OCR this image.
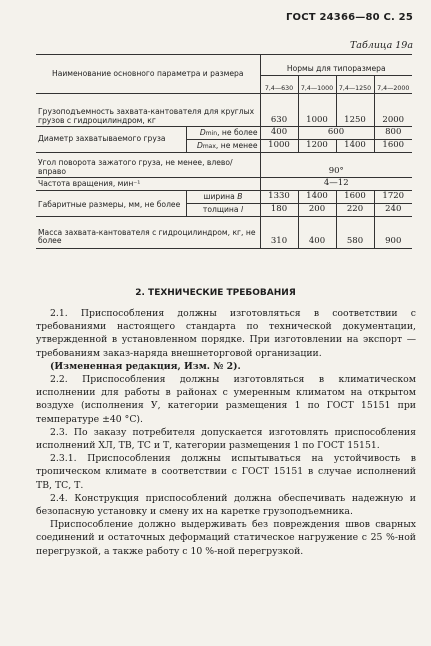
ГОСТ 24366—80 С. 25
Таблица 19а
Наименование основного параметра и размера		Нормы для типоразмера			
		7,4—630	7,4—1000	7,4—1250	7,4—2000
Грузоподъемность захвата-кантователя для круглых грузов с гидроцилиндром, кг		630	1000	1250	2000
Диаметр захватываемого груза	Dmin, не более	400	600		800
	Dmax, не менее	1000	1200	1400	1600
Угол поворота зажатого груза, не менее, влево/вправо		90°			
Частота вращения, мин⁻¹		4—12			
Габаритные размеры, мм, не более	ширина B	1330	1400	1600	1720
	толщина l	180	200	220	240
Масса захвата-кантователя с гидроцилиндром, кг, не более		310	400	580	900
2. ТЕХНИЧЕСКИЕ ТРЕБОВАНИЯ

2.1. Приспособления должны изготовляться в соответствии с требованиями настоящего стандарта по технической документации, утвержденной в установленном порядке. При изготовлении на экспорт — требованиям заказ-наряда внешнеторговой организации.

(Измененная редакция, Изм. № 2).

2.2. Приспособления должны изготовляться в климатическом исполнении для работы в районах с умеренным климатом на открытом воздухе (исполнения У, категории размещения 1 по ГОСТ 15151 при температуре ±40 °С).

2.3. По заказу потребителя допускается изготовлять приспособления исполнений ХЛ, ТВ, ТС и Т, категории размещения 1 по ГОСТ 15151.

2.3.1. Приспособления должны испытываться на устойчивость в тропическом климате в соответствии с ГОСТ 15151 в случае исполнений ТВ, ТС, Т.

2.4. Конструкция приспособлений должна обеспечивать надежную и безопасную установку и смену их на каретке грузоподъемника.

Приспособление должно выдерживать без повреждения швов сварных соединений и остаточных деформаций статическое нагружение с 25 %-ной перегрузкой, а также работу с 10 %-ной перегрузкой.
